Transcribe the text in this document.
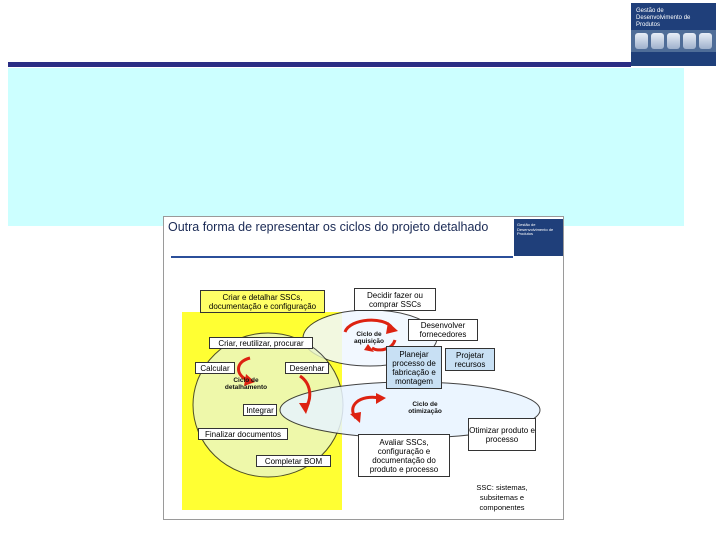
Gestão de
Desenvolvimento de Produtos
Outra forma de representar os ciclos do projeto detalhado	Gestão de Desenvolvimento de Produtos
Ciclo de aquisição
Ciclo de detalhamento
Ciclo de otimização
Criar e detalhar SSCs, documentação e configuração
Decidir fazer ou comprar SSCs
Desenvolver fornecedores
Criar, reutilizar, procurar
Planejar processo de fabricação e montagem
Projetar recursos
Calcular	Desenhar
Integrar
Finalizar documentos	Otimizar produto e processo
Avaliar SSCs, configuração e documentação do produto e processo
Completar BOM
SSC: sistemas, subsitemas e componentes
